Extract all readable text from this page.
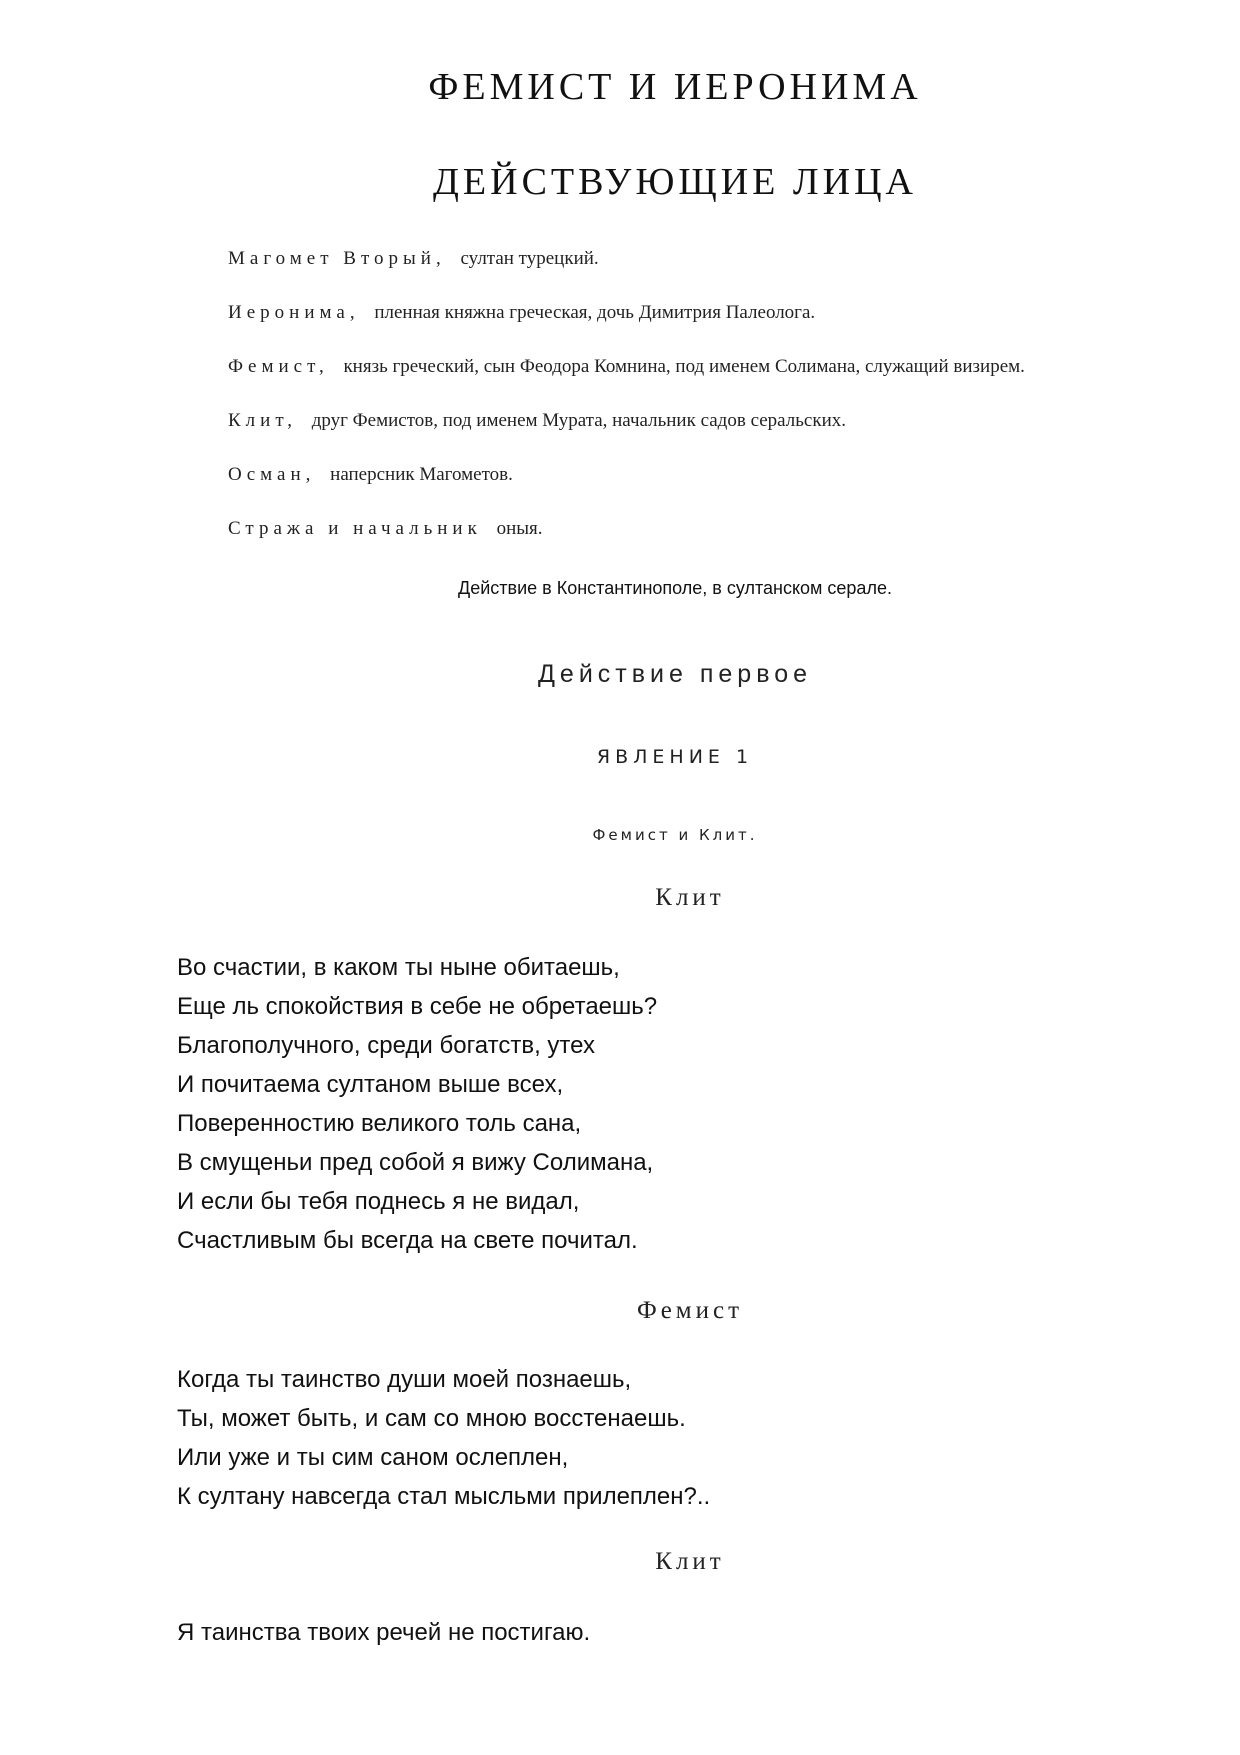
ФЕМИСТ И ИЕРОНИМА
ДЕЙСТВУЮЩИЕ ЛИЦА
Магомет Вторый, султан турецкий.
Иеронима, пленная княжна греческая, дочь Димитрия Палеолога.
Фемист, князь греческий, сын Феодора Комнина, под именем Солимана, служащий визирем.
Клит, друг Фемистов, под именем Мурата, начальник садов серальских.
Осман, наперсник Магометов.
Стража и начальник оныя.
Действие в Константинополе, в султанском серале.
Действие первое
ЯВЛЕНИЕ 1
Фемист и Клит.
Клит
Во счастии, в каком ты ныне обитаешь,
Еще ль спокойствия в себе не обретаешь?
Благополучного, среди богатств, утех
И почитаема султаном выше всех,
Поверенностию великого толь сана,
В смущеньи пред собой я вижу Солимана,
И если бы тебя поднесь я не видал,
Счастливым бы всегда на свете почитал.
Фемист
Когда ты таинство души моей познаешь,
Ты, может быть, и сам со мною восстенаешь.
Или уже и ты сим саном ослеплен,
К султану навсегда стал мысльми прилеплен?..
Клит
Я таинства твоих речей не постигаю.
